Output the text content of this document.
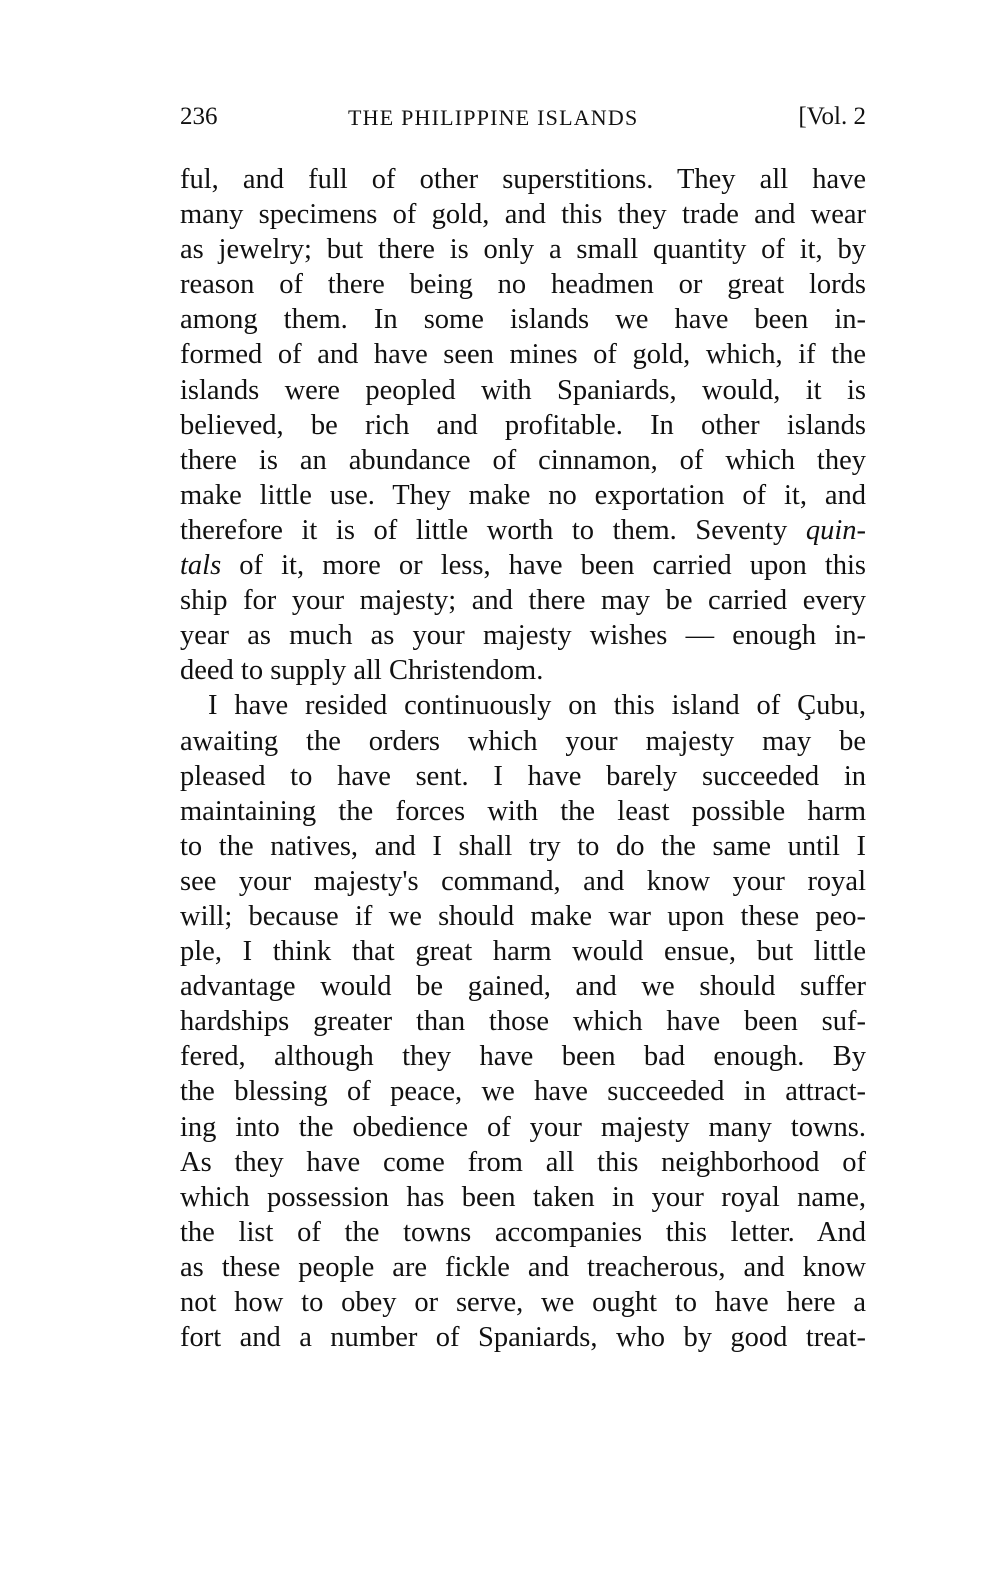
236	THE PHILIPPINE ISLANDS	[Vol. 2
ful, and full of other superstitions. They all have
many specimens of gold, and this they trade and wear
as jewelry; but there is only a small quantity of it, by
reason of there being no headmen or great lords
among them. In some islands we have been in-
formed of and have seen mines of gold, which, if the
islands were peopled with Spaniards, would, it is
believed, be rich and profitable. In other islands
there is an abundance of cinnamon, of which they
make little use. They make no exportation of it, and
therefore it is of little worth to them. Seventy quin-
tals of it, more or less, have been carried upon this
ship for your majesty; and there may be carried every
year as much as your majesty wishes — enough in-
deed to supply all Christendom.
I have resided continuously on this island of Çubu,
awaiting the orders which your majesty may be
pleased to have sent. I have barely succeeded in
maintaining the forces with the least possible harm
to the natives, and I shall try to do the same until I
see your majesty's command, and know your royal
will; because if we should make war upon these peo-
ple, I think that great harm would ensue, but little
advantage would be gained, and we should suffer
hardships greater than those which have been suf-
fered, although they have been bad enough. By
the blessing of peace, we have succeeded in attract-
ing into the obedience of your majesty many towns.
As they have come from all this neighborhood of
which possession has been taken in your royal name,
the list of the towns accompanies this letter. And
as these people are fickle and treacherous, and know
not how to obey or serve, we ought to have here a
fort and a number of Spaniards, who by good treat-
